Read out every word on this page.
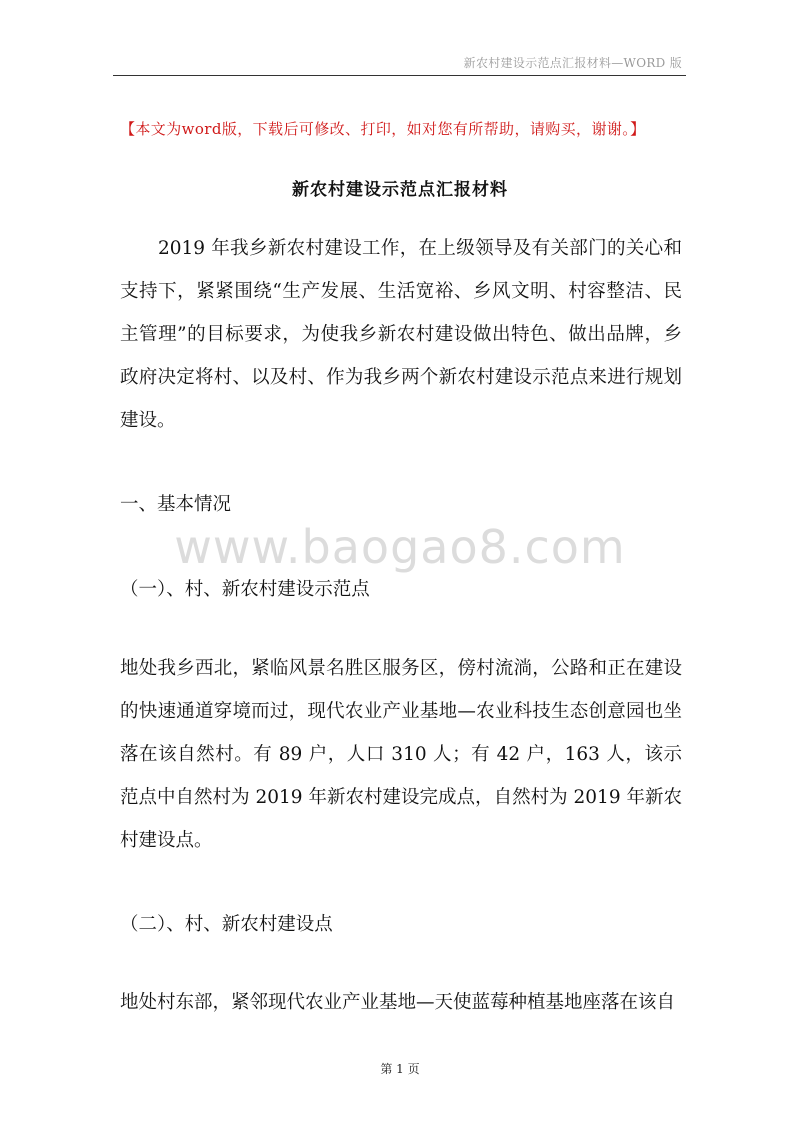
新农村建设示范点汇报材料—WORD 版
【本文为word版，下载后可修改、打印，如对您有所帮助，请购买，谢谢。】
新农村建设示范点汇报材料

2019 年我乡新农村建设工作，在上级领导及有关部门的关心和支持下，紧紧围绕“生产发展、生活宽裕、乡风文明、村容整洁、民主管理”的目标要求，为使我乡新农村建设做出特色、做出品牌，乡政府决定将村、以及村、作为我乡两个新农村建设示范点来进行规划建设。

一、基本情况

www.baogao8.com

（一）、村、新农村建设示范点

地处我乡西北，紧临风景名胜区服务区，傍村流淌，公路和正在建设的快速通道穿境而过，现代农业产业基地—农业科技生态创意园也坐落在该自然村。有 89 户，人口 310 人；有 42 户，163 人，该示范点中自然村为 2019 年新农村建设完成点，自然村为 2019 年新农村建设点。

（二）、村、新农村建设点

地处村东部，紧邻现代农业产业基地—天使蓝莓种植基地座落在该自

第 1 页
